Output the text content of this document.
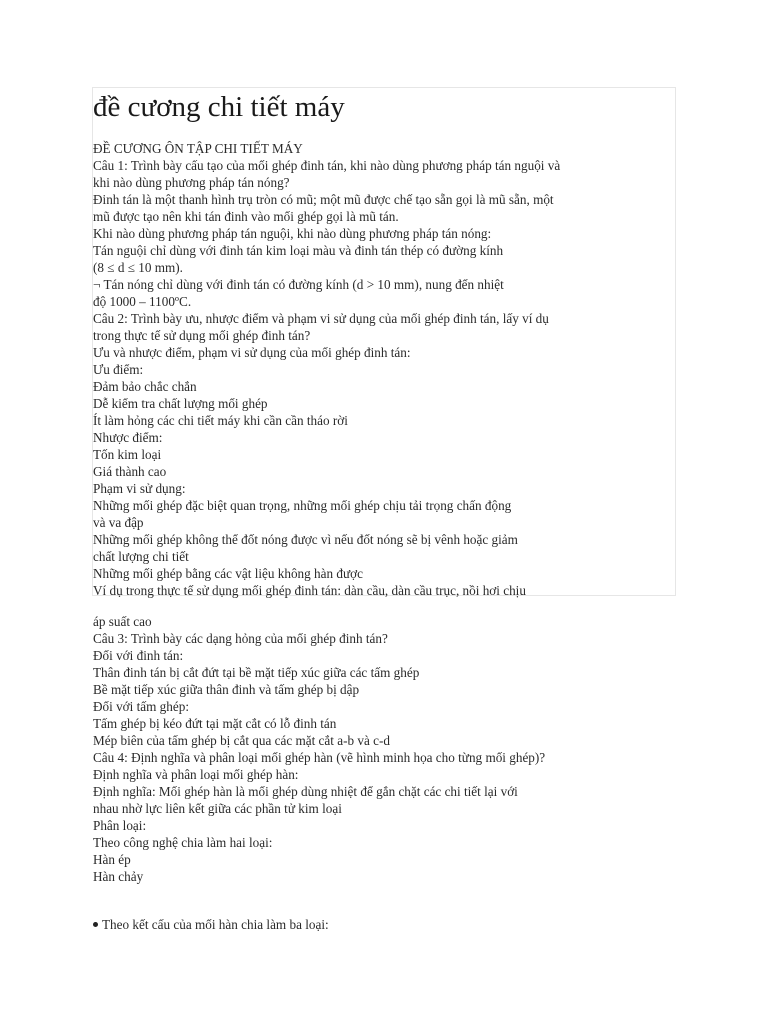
đề cương chi tiết máy
ĐỀ CƯƠNG ÔN TẬP CHI TIẾT MÁY
Câu 1: Trình bày cấu tạo của mối ghép đinh tán, khi nào dùng phương pháp tán nguội và
khi nào dùng phương pháp tán nóng?
Đinh tán là một thanh hình trụ tròn có mũ; một mũ được chế tạo sẵn gọi là mũ sẵn, một
mũ được tạo nên khi tán đinh vào mối ghép gọi là mũ tán.
Khi nào dùng phương pháp tán nguội, khi nào dùng phương pháp tán nóng:
Tán nguội chỉ dùng với đinh tán kim loại màu và đinh tán thép có đường kính
(8 ≤ d ≤ 10 mm).
¬ Tán nóng chỉ dùng với đinh tán có đường kính (d > 10 mm), nung đến nhiệt
độ 1000 – 1100ºC.
Câu 2: Trình bày ưu, nhược điểm và phạm vi sử dụng của mối ghép đinh tán, lấy ví dụ
trong thực tế sử dụng mối ghép đinh tán?
Ưu và nhược điểm, phạm vi sử dụng của mối ghép đinh tán:
Ưu điểm:
Đảm bảo chắc chắn
Dễ kiểm tra chất lượng mối ghép
Ít làm hỏng các chi tiết máy khi cần cần tháo rời
Nhược điểm:
Tốn kim loại
Giá thành cao
Phạm vi sử dụng:
Những mối ghép đặc biệt quan trọng, những mối ghép chịu tải trọng chấn động
và va đập
Những mối ghép không thể đốt nóng được vì nếu đốt nóng sẽ bị vênh hoặc giảm
chất lượng chi tiết
Những mối ghép bằng các vật liệu không hàn được
Ví dụ trong thực tế sử dụng mối ghép đinh tán: dàn cầu, dàn cầu trục, nồi hơi chịu
áp suất cao
Câu 3: Trình bày các dạng hỏng của mối ghép đinh tán?
Đối với đinh tán:
Thân đinh tán bị cắt đứt tại bề mặt tiếp xúc giữa các tấm ghép
Bề mặt tiếp xúc giữa thân đinh và tấm ghép bị dập
Đối với tấm ghép:
Tấm ghép bị kéo đứt tại mặt cắt có lỗ đinh tán
Mép biên của tấm ghép bị cắt qua các mặt cắt a-b và c-d
Câu 4: Định nghĩa và phân loại mối ghép hàn (vẽ hình minh họa cho từng mối ghép)?
Định nghĩa và phân loại mối ghép hàn:
Định nghĩa: Mối ghép hàn là mối ghép dùng nhiệt để gắn chặt các chi tiết lại với
nhau nhờ lực liên kết giữa các phần tử kim loại
Phân loại:
Theo công nghệ chia làm hai loại:
Hàn ép
Hàn chảy
Theo kết cấu của mối hàn chia làm ba loại:
